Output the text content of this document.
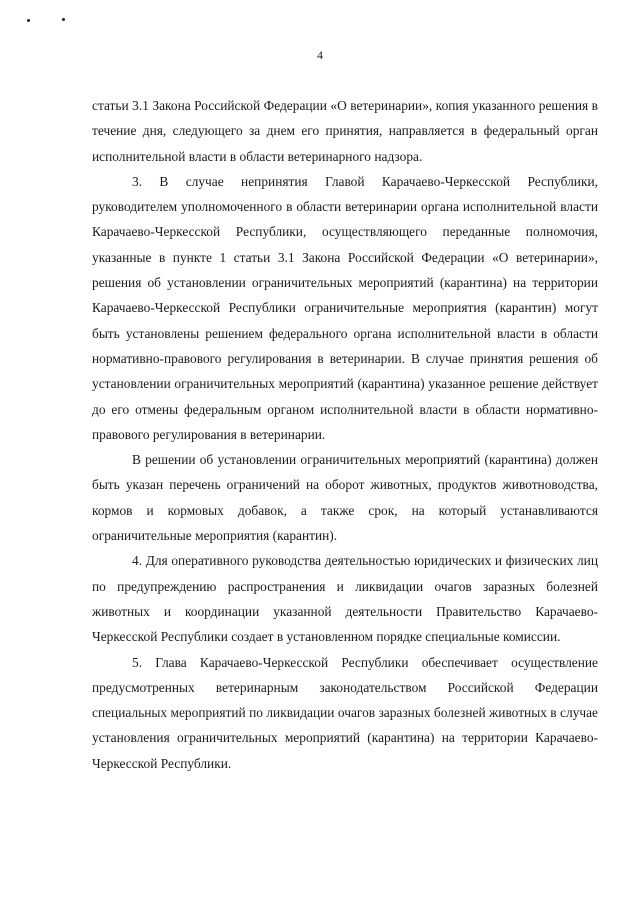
4

статьи 3.1 Закона Российской Федерации «О ветеринарии», копия указанного решения в течение дня, следующего за днем его принятия, направляется в федеральный орган исполнительной власти в области ветеринарного надзора.

3. В случае непринятия Главой Карачаево-Черкесской Республики, руководителем уполномоченного в области ветеринарии органа исполнительной власти Карачаево-Черкесской Республики, осуществляющего переданные полномочия, указанные в пункте 1 статьи 3.1 Закона Российской Федерации «О ветеринарии», решения об установлении ограничительных мероприятий (карантина) на территории Карачаево-Черкесской Республики ограничительные мероприятия (карантин) могут быть установлены решением федерального органа исполнительной власти в области нормативно-правового регулирования в ветеринарии. В случае принятия решения об установлении ограничительных мероприятий (карантина) указанное решение действует до его отмены федеральным органом исполнительной власти в области нормативно-правового регулирования в ветеринарии.

В решении об установлении ограничительных мероприятий (карантина) должен быть указан перечень ограничений на оборот животных, продуктов животноводства, кормов и кормовых добавок, а также срок, на который устанавливаются ограничительные мероприятия (карантин).

4. Для оперативного руководства деятельностью юридических и физических лиц по предупреждению распространения и ликвидации очагов заразных болезней животных и координации указанной деятельности Правительство Карачаево-Черкесской Республики создает в установленном порядке специальные комиссии.

5. Глава Карачаево-Черкесской Республики обеспечивает осуществление предусмотренных ветеринарным законодательством Российской Федерации специальных мероприятий по ликвидации очагов заразных болезней животных в случае установления ограничительных мероприятий (карантина) на территории Карачаево-Черкесской Республики.
